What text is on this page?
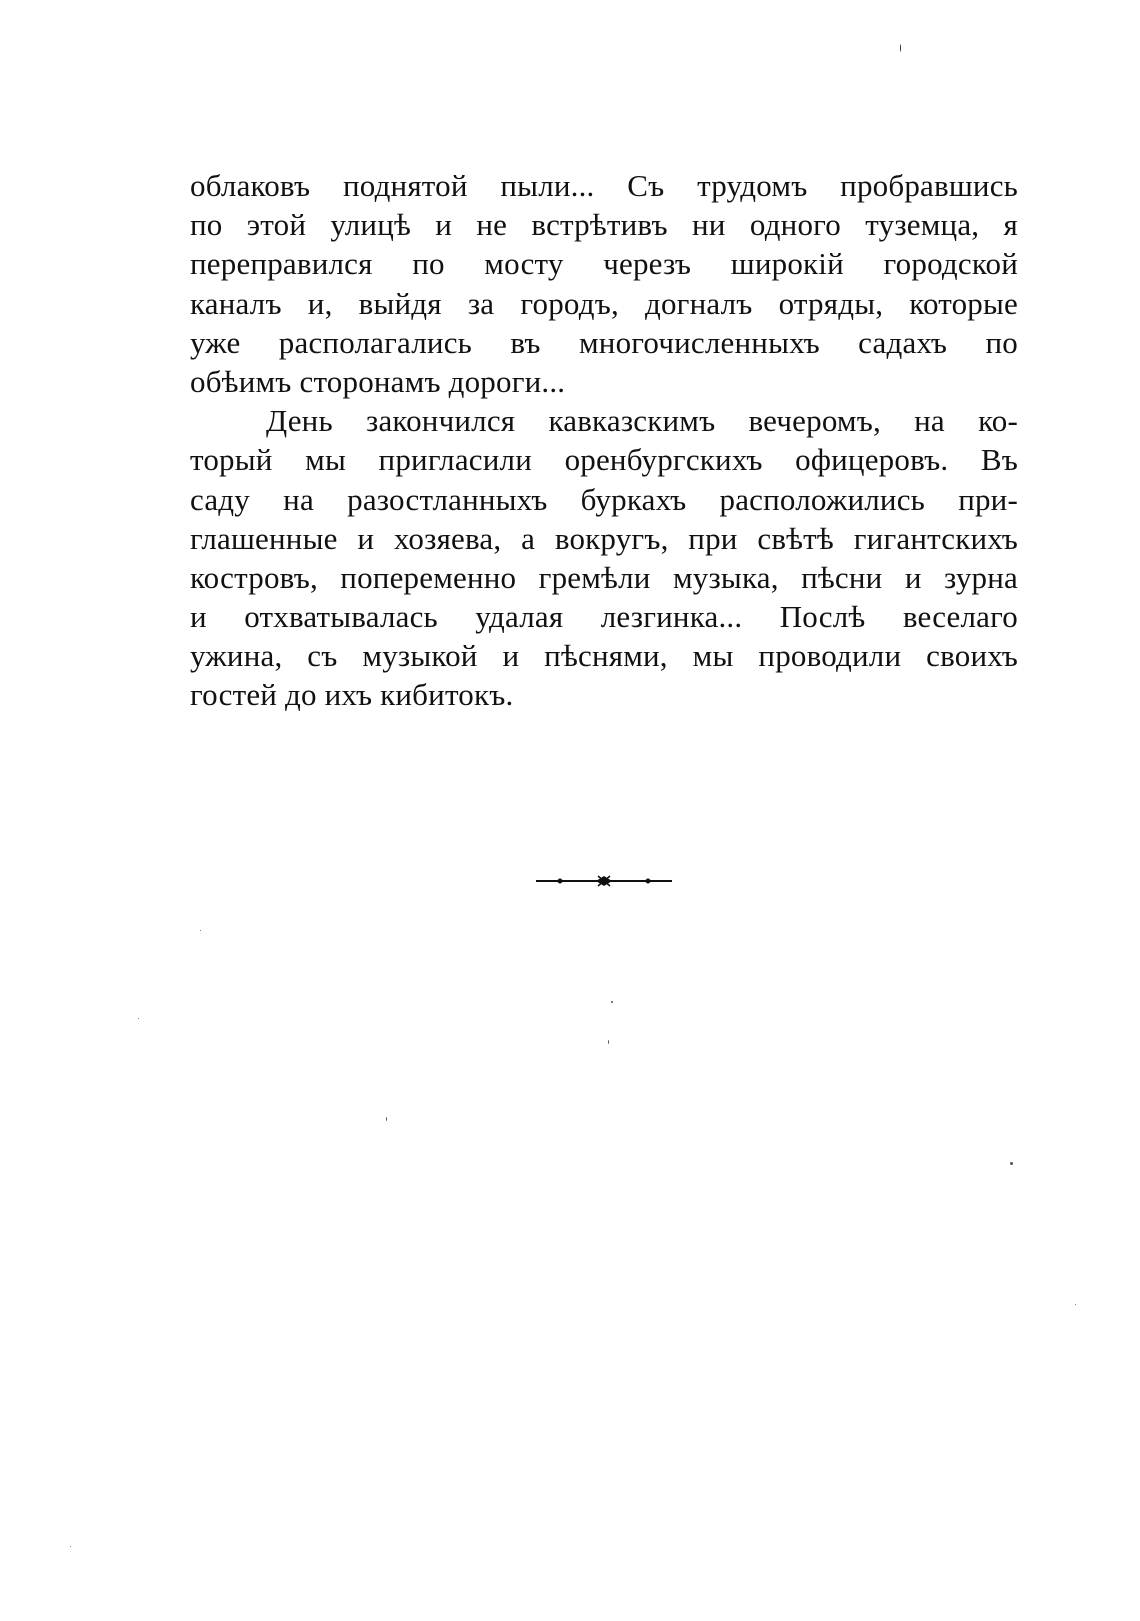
облаковъ поднятой пыли... Съ трудомъ пробравшись
по этой улицѣ и не встрѣтивъ ни одного туземца, я
переправился по мосту черезъ широкій городской
каналъ и, выйдя за городъ, догналъ отряды, которые
уже располагались въ многочисленныхъ садахъ по
обѣимъ сторонамъ дороги...
День закончился кавказскимъ вечеромъ, на ко-
торый мы пригласили оренбургскихъ офицеровъ. Въ
саду на разостланныхъ буркахъ расположились при-
глашенные и хозяева, а вокругъ, при свѣтѣ гигантскихъ
костровъ, попеременно гремѣли музыка, пѣсни и зурна
и отхватывалась удалая лезгинка... Послѣ веселаго
ужина, съ музыкой и пѣснями, мы проводили своихъ
гостей до ихъ кибитокъ.
